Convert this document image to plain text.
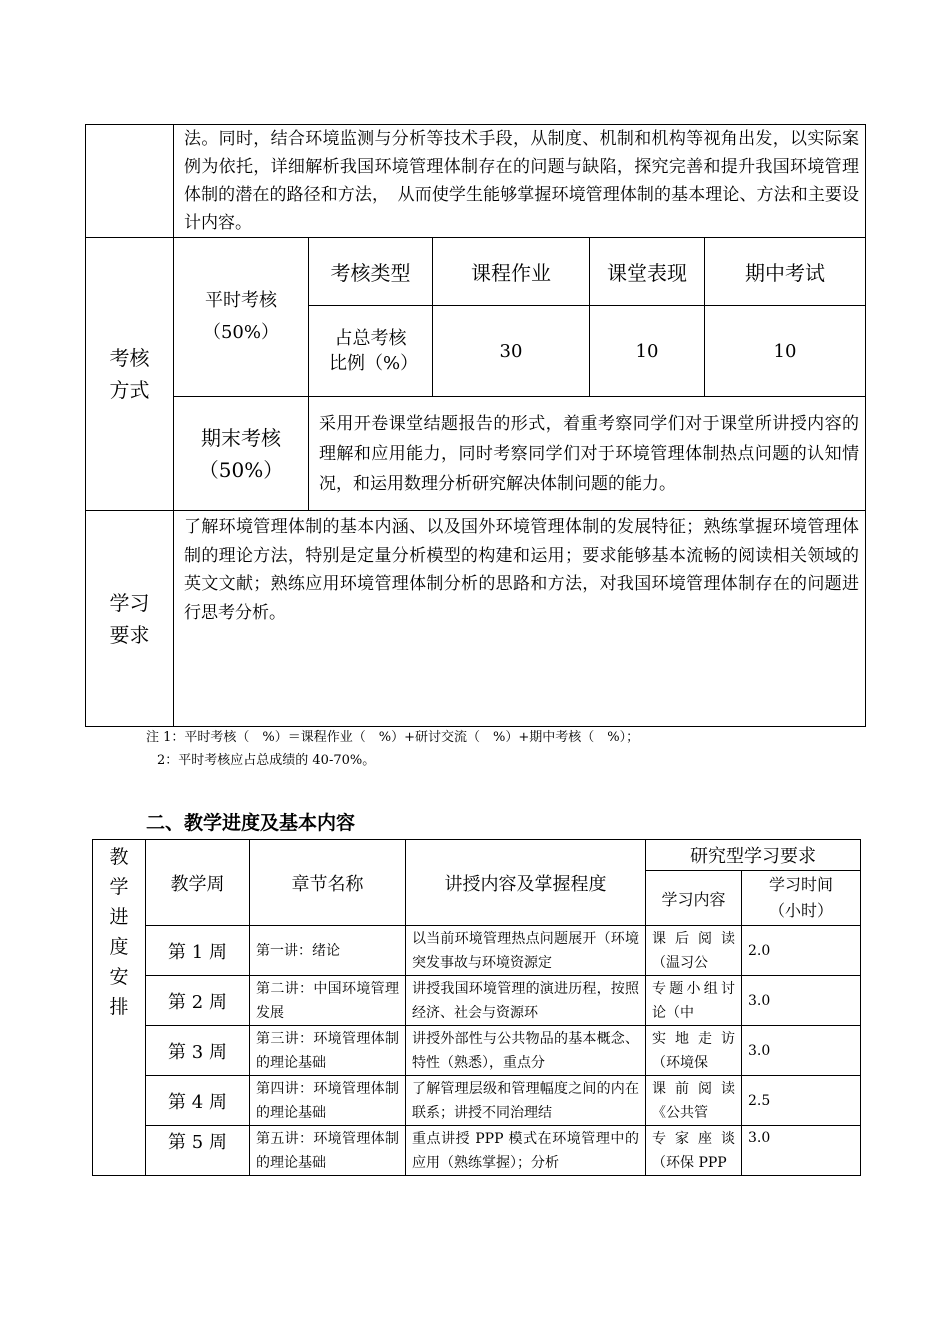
	法。同时，结合环境监测与分析等技术手段，从制度、机制和机构等视角出发，以实际案例为依托，详细解析我国环境管理体制存在的问题与缺陷，探究完善和提升我国环境管理体制的潜在的路径和方法，　从而使学生能够掌握环境管理体制的基本理论、方法和主要设计内容。				

考核方式	平时考核（50%）	考核类型	课程作业	课堂表现	期中考试
		占总考核比例（%）	30	10	10
	期末考核（50%）	采用开卷课堂结题报告的形式，着重考察同学们对于课堂所讲授内容的理解和应用能力，同时考察同学们对于环境管理体制热点问题的认知情况，和运用数理分析研究解决体制问题的能力。			

学习要求	了解环境管理体制的基本内涵、以及国外环境管理体制的发展特征；熟练掌握环境管理体制的理论方法，特别是定量分析模型的构建和运用；要求能够基本流畅的阅读相关领域的英文文献；熟练应用环境管理体制分析的思路和方法，对我国环境管理体制存在的问题进行思考分析。				
注 1：平时考核（　%）＝课程作业（　%）+研讨交流（　%）+期中考核（　%）；
2：平时考核应占总成绩的 40-70%。
二、教学进度及基本内容
教学进度安排	教学周	章节名称	讲授内容及掌握程度	研究型学习要求	
				学习内容	学习时间（小时）
	第 1 周	第一讲：绪论	以当前环境管理热点问题展开（环境突发事故与环境资源定	课后阅读（温习公	2.0
	第 2 周	第二讲：中国环境管理发展	讲授我国环境管理的演进历程，按照经济、社会与资源环	专题小组讨论（中	3.0
	第 3 周	第三讲：环境管理体制的理论基础	讲授外部性与公共物品的基本概念、特性（熟悉），重点分	实地走访（环境保	3.0
	第 4 周	第四讲：环境管理体制的理论基础	了解管理层级和管理幅度之间的内在联系；讲授不同治理结	课前阅读《公共管	2.5
	第 5 周	第五讲：环境管理体制的理论基础	重点讲授 PPP 模式在环境管理中的应用（熟练掌握）；分析	专家座谈（环保 PPP	3.0
